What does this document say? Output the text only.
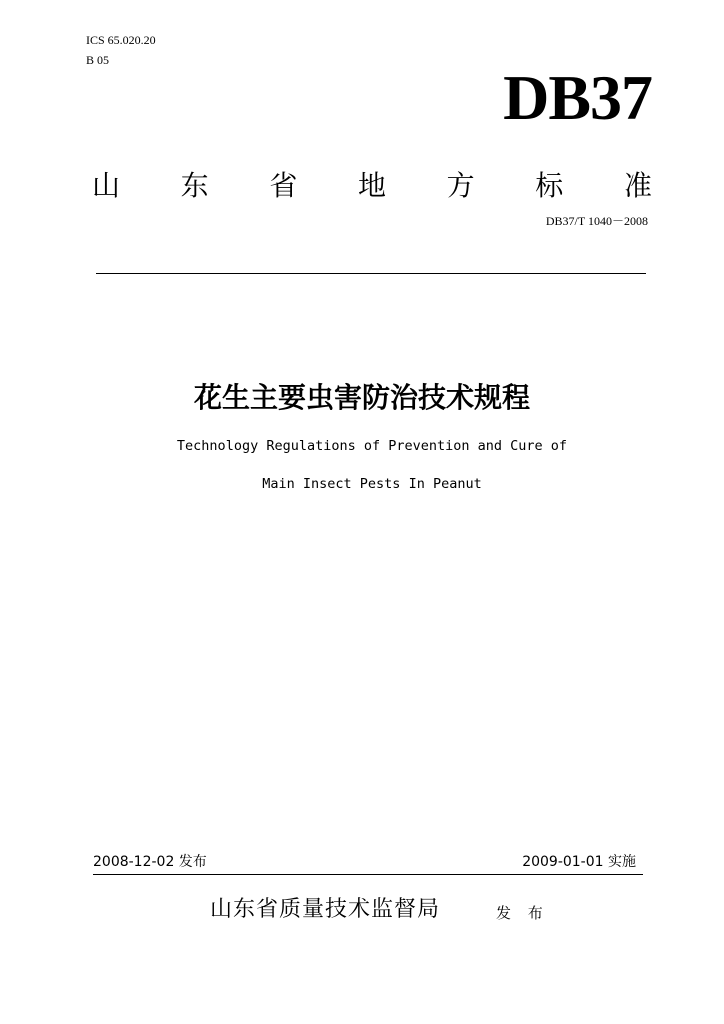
ICS 65.020.20
B 05
DB37
山 东 省 地 方 标 准
DB37/T 1040－2008
花生主要虫害防治技术规程
Technology Regulations of Prevention and Cure of
Main Insect Pests In Peanut
2008-12-02 发布	2009-01-01 实施
山东省质量技术监督局	发 布
